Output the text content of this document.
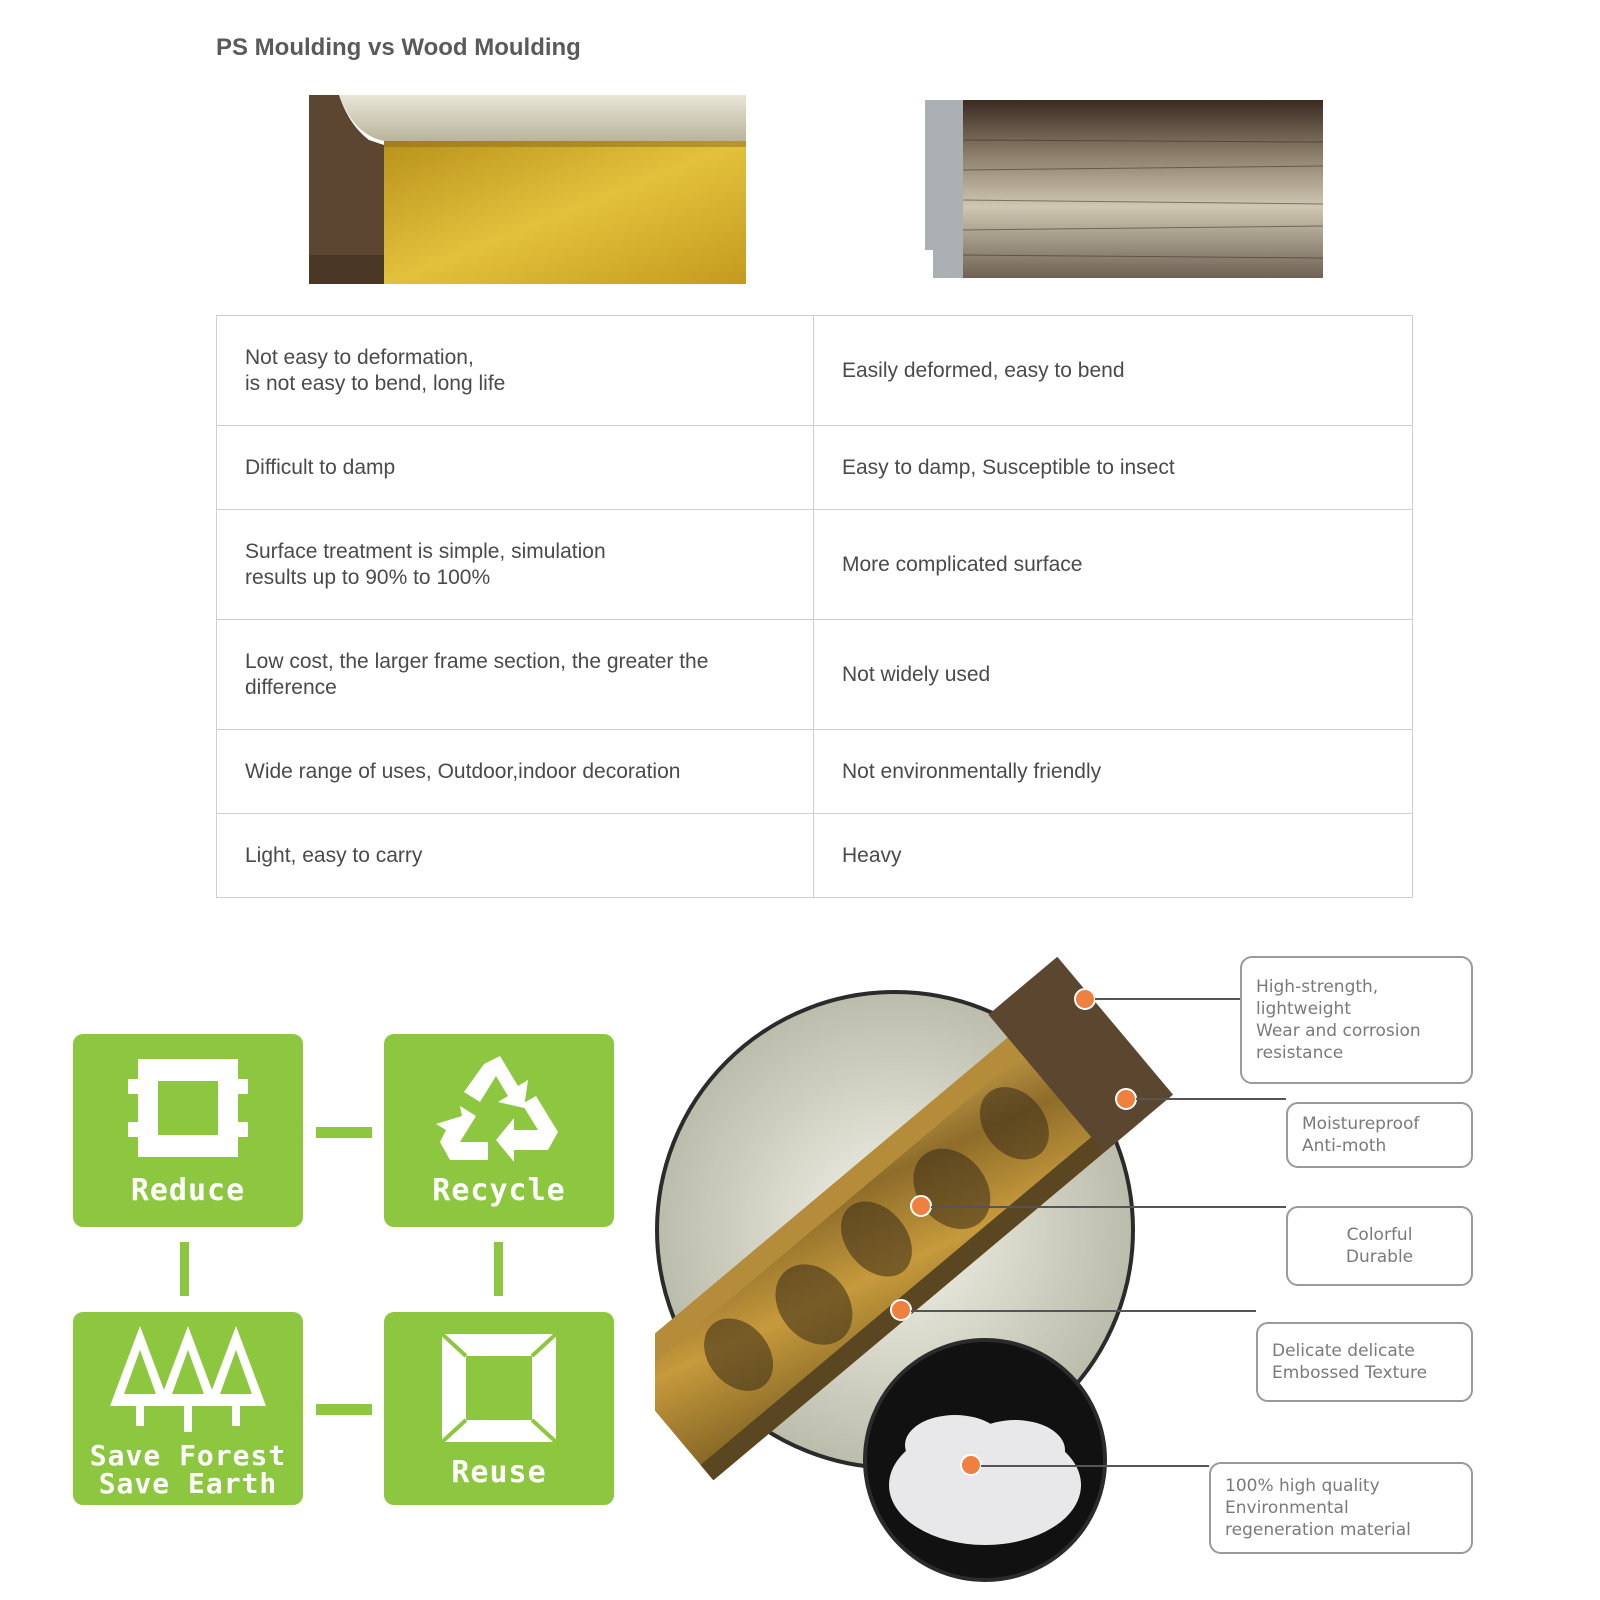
PS Moulding vs Wood Moulding
Not easy to deformation,
is not easy to bend, long life	Easily deformed, easy to bend
Difficult to damp	Easy to damp, Susceptible to insect
Surface treatment is simple, simulation
results up to 90% to 100%	More complicated surface
Low cost, the larger frame section, the greater the
difference	Not widely used
Wide range of uses, Outdoor,indoor decoration	Not environmentally friendly
Light, easy to carry	Heavy
Reduce	Recycle
Save Forest
Save Earth	Reuse
High-strength,
lightweight
Wear and corrosion
resistance
Moistureproof
Anti-moth
Colorful
Durable
Delicate delicate
Embossed Texture
100% high quality
Environmental
regeneration material
